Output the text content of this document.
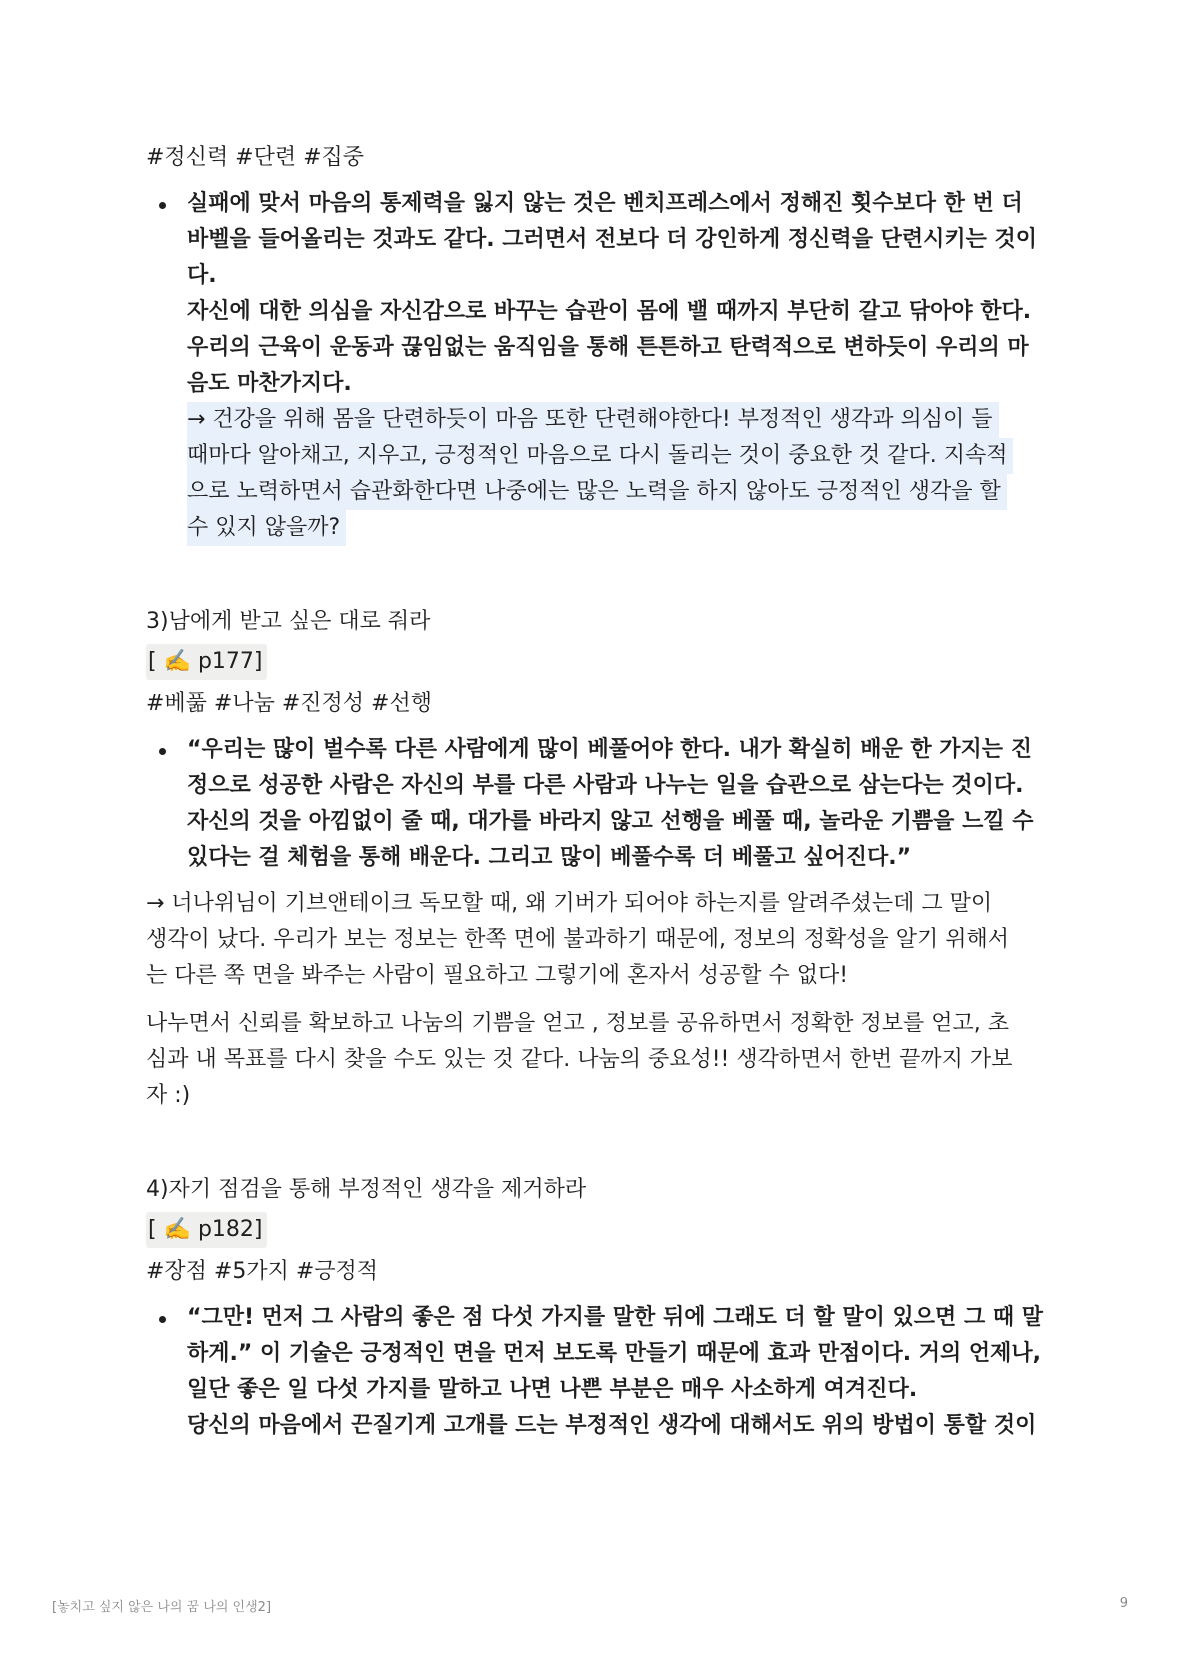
#정신력 #단련 #집중

실패에 맞서 마음의 통제력을 잃지 않는 것은 벤치프레스에서 정해진 횟수보다 한 번 더

바벨을 들어올리는 것과도 같다. 그러면서 전보다 더 강인하게 정신력을 단련시키는 것이

다.

자신에 대한 의심을 자신감으로 바꾸는 습관이 몸에 밸 때까지 부단히 갈고 닦아야 한다.

우리의 근육이 운동과 끊임없는 움직임을 통해 튼튼하고 탄력적으로 변하듯이 우리의 마

음도 마찬가지다.

→ 건강을 위해 몸을 단련하듯이 마음 또한 단련해야한다! 부정적인 생각과 의심이 들

때마다 알아채고, 지우고, 긍정적인 마음으로 다시 돌리는 것이 중요한 것 같다. 지속적

으로 노력하면서 습관화한다면 나중에는 많은 노력을 하지 않아도 긍정적인 생각을 할

수 있지 않을까?

3)남에게 받고 싶은 대로 줘라

[ ✍️ p177]

#베풂 #나눔 #진정성 #선행

“우리는 많이 벌수록 다른 사람에게 많이 베풀어야 한다. 내가 확실히 배운 한 가지는 진

정으로 성공한 사람은 자신의 부를 다른 사람과 나누는 일을 습관으로 삼는다는 것이다.

자신의 것을 아낌없이 줄 때, 대가를 바라지 않고 선행을 베풀 때, 놀라운 기쁨을 느낄 수

있다는 걸 체험을 통해 배운다. 그리고 많이 베풀수록 더 베풀고 싶어진다.”

→ 너나위님이 기브앤테이크 독모할 때, 왜 기버가 되어야 하는지를 알려주셨는데 그 말이

생각이 났다. 우리가 보는 정보는 한쪽 면에 불과하기 때문에, 정보의 정확성을 알기 위해서

는 다른 쪽 면을 봐주는 사람이 필요하고 그렇기에 혼자서 성공할 수 없다!

나누면서 신뢰를 확보하고 나눔의 기쁨을 얻고 , 정보를 공유하면서 정확한 정보를 얻고, 초

심과 내 목표를 다시 찾을 수도 있는 것 같다. 나눔의 중요성!! 생각하면서 한번 끝까지 가보

자 :)

4)자기 점검을 통해 부정적인 생각을 제거하라

[ ✍️ p182]

#장점 #5가지 #긍정적

“그만! 먼저 그 사람의 좋은 점 다섯 가지를 말한 뒤에 그래도 더 할 말이 있으면 그 때 말

하게.” 이 기술은 긍정적인 면을 먼저 보도록 만들기 때문에 효과 만점이다. 거의 언제나,

일단 좋은 일 다섯 가지를 말하고 나면 나쁜 부분은 매우 사소하게 여겨진다.

당신의 마음에서 끈질기게 고개를 드는 부정적인 생각에 대해서도 위의 방법이 통할 것이

[놓치고 싶지 않은 나의 꿈 나의 인생2]	9
